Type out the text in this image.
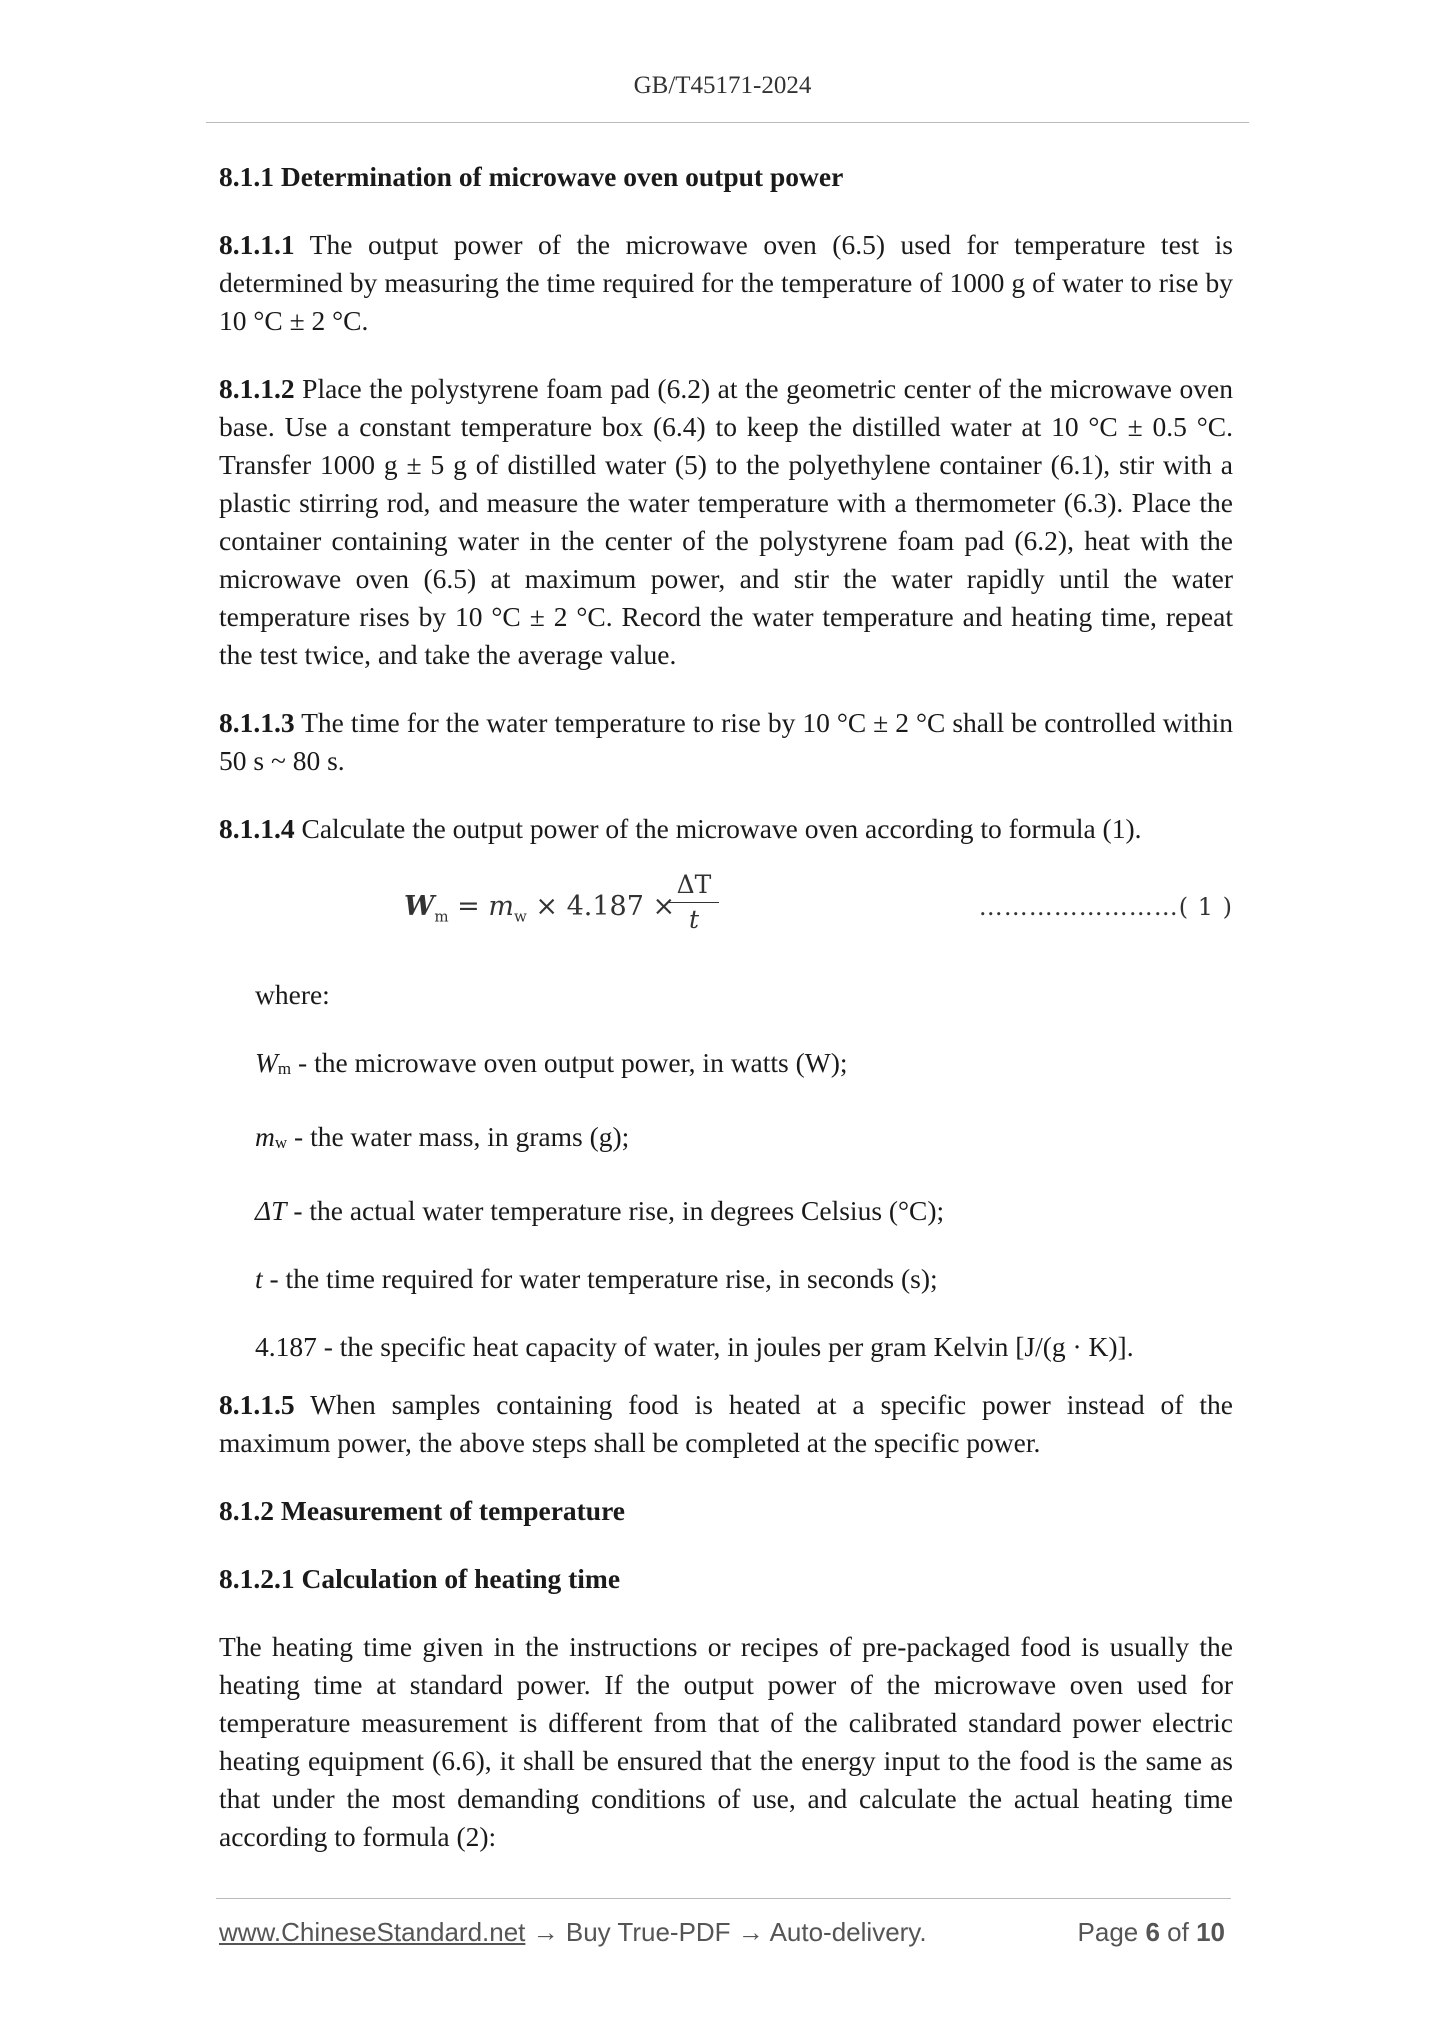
GB/T45171-2024

8.1.1 Determination of microwave oven output power

8.1.1.1 The output power of the microwave oven (6.5) used for temperature test is determined by measuring the time required for the temperature of 1000 g of water to rise by 10 °C ± 2 °C.

8.1.1.2 Place the polystyrene foam pad (6.2) at the geometric center of the microwave oven base. Use a constant temperature box (6.4) to keep the distilled water at 10 °C ± 0.5 °C. Transfer 1000 g ± 5 g of distilled water (5) to the polyethylene container (6.1), stir with a plastic stirring rod, and measure the water temperature with a thermometer (6.3). Place the container containing water in the center of the polystyrene foam pad (6.2), heat with the microwave oven (6.5) at maximum power, and stir the water rapidly until the water temperature rises by 10 °C ± 2 °C. Record the water temperature and heating time, repeat the test twice, and take the average value.

8.1.1.3 The time for the water temperature to rise by 10 °C ± 2 °C shall be controlled within 50 s ~ 80 s.

8.1.1.4 Calculate the output power of the microwave oven according to formula (1).

$W_m = m_w \times 4.187$ ×
$\frac{\Delta T}{t}$	……………………( 1 )

where:

$W_m$ - the microwave oven output power, in watts (W);

$m_w$ - the water mass, in grams (g);

ΔT - the actual water temperature rise, in degrees Celsius (°C);

t - the time required for water temperature rise, in seconds (s);

4.187 - the specific heat capacity of water, in joules per gram Kelvin [J/(g · K)].

8.1.1.5 When samples containing food is heated at a specific power instead of the maximum power, the above steps shall be completed at the specific power.

8.1.2 Measurement of temperature

8.1.2.1 Calculation of heating time

The heating time given in the instructions or recipes of pre-packaged food is usually the heating time at standard power. If the output power of the microwave oven used for temperature measurement is different from that of the calibrated standard power electric heating equipment (6.6), it shall be ensured that the energy input to the food is the same as that under the most demanding conditions of use, and calculate the actual heating time according to formula (2):

www.ChineseStandard.net → Buy True-PDF → Auto-delivery.	Page 6 of 10
